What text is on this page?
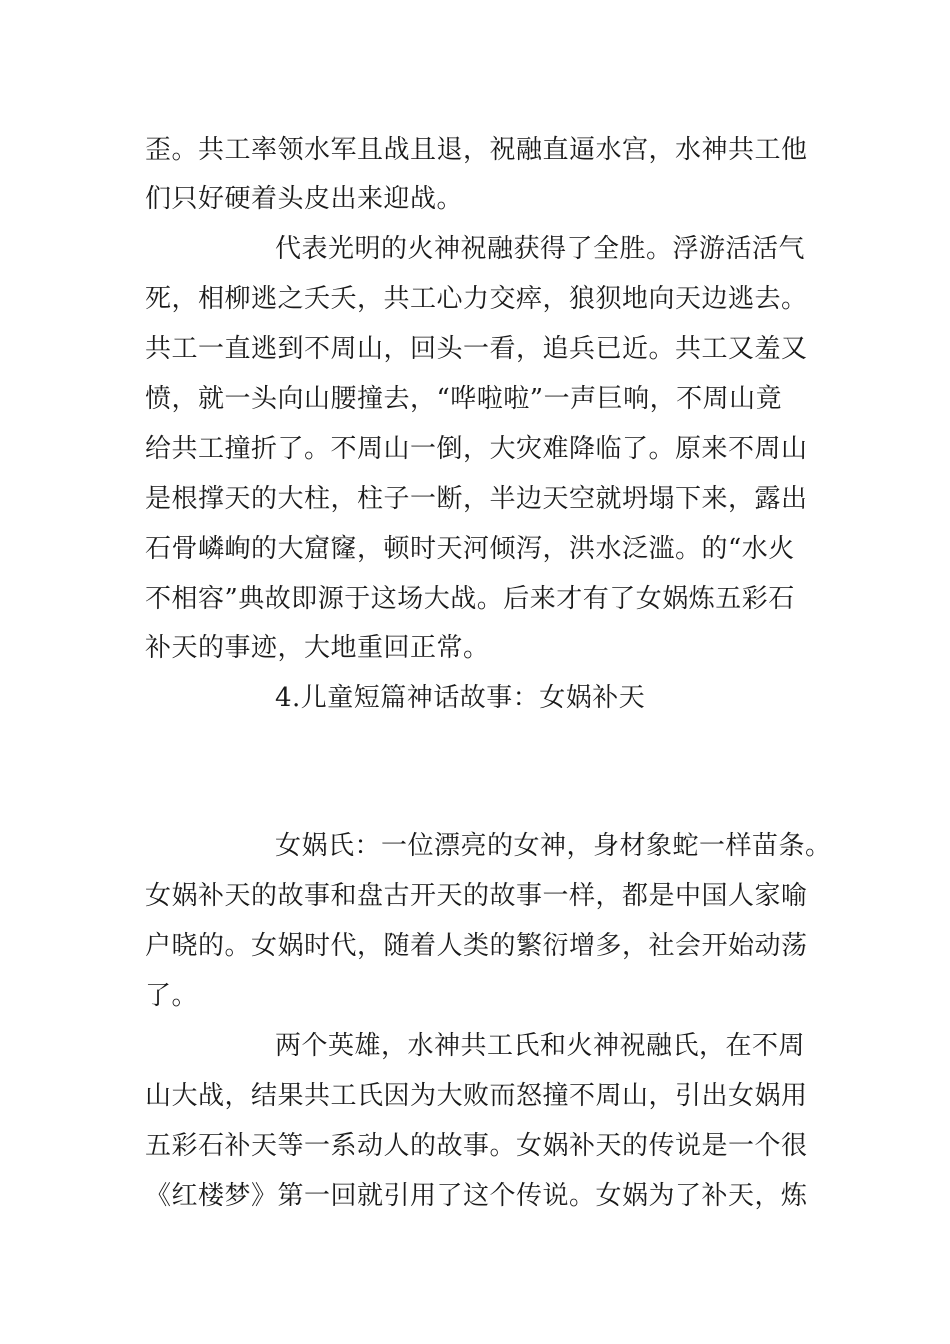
歪。共工率领水军且战且退，祝融直逼水宫，水神共工他
们只好硬着头皮出来迎战。
代表光明的火神祝融获得了全胜。浮游活活气
死，相柳逃之夭夭，共工心力交瘁，狼狈地向天边逃去。
共工一直逃到不周山，回头一看，追兵已近。共工又羞又
愤，就一头向山腰撞去，“哗啦啦”一声巨响，不周山竟
给共工撞折了。不周山一倒，大灾难降临了。原来不周山
是根撑天的大柱，柱子一断，半边天空就坍塌下来，露出
石骨嶙峋的大窟窿，顿时天河倾泻，洪水泛滥。的“水火
不相容”典故即源于这场大战。后来才有了女娲炼五彩石
补天的事迹，大地重回正常。
4.儿童短篇神话故事：女娲补天
女娲氏：一位漂亮的女神，身材象蛇一样苗条。
女娲补天的故事和盘古开天的故事一样，都是中国人家喻
户晓的。女娲时代，随着人类的繁衍增多，社会开始动荡
了。
两个英雄，水神共工氏和火神祝融氏，在不周
山大战，结果共工氏因为大败而怒撞不周山，引出女娲用
五彩石补天等一系动人的故事。女娲补天的传说是一个很
《红楼梦》第一回就引用了这个传说。女娲为了补天，炼
